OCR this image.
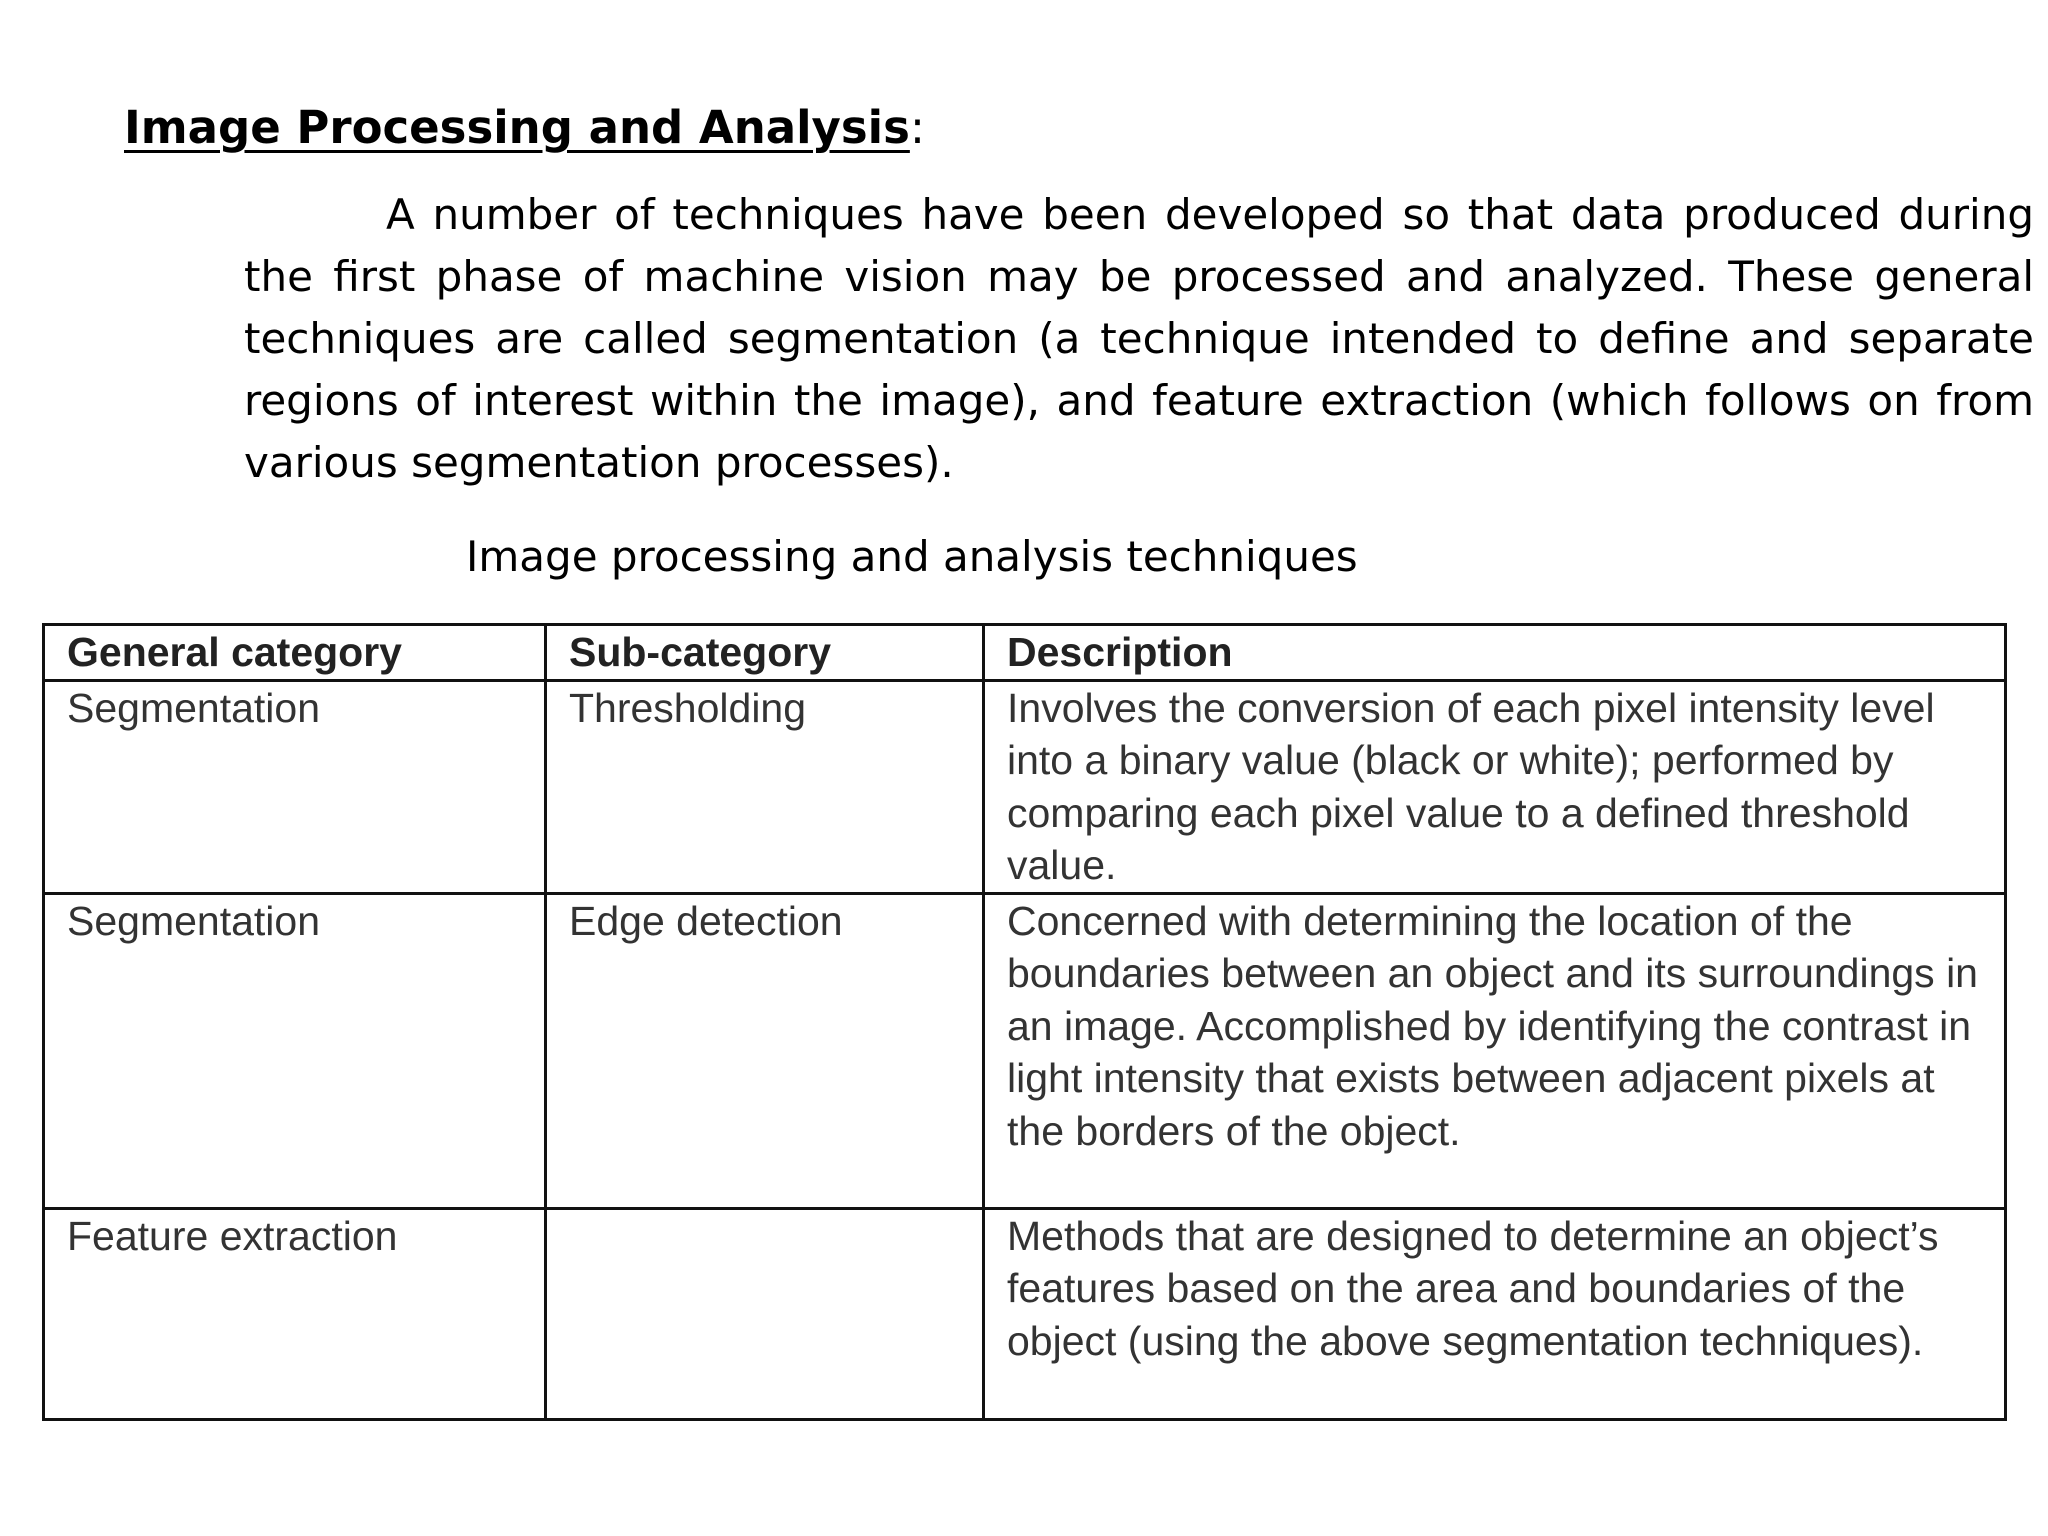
Image Processing and Analysis:

A number of techniques have been developed so that data produced during the first phase of machine vision may be processed and analyzed. These general techniques are called segmentation (a technique intended to define and separate regions of interest within the image), and feature extraction (which follows on from various segmentation processes).

Image processing and analysis techniques
General category	Sub-category	Description
Segmentation	Thresholding	Involves the conversion of each pixel intensity level into a binary value (black or white); performed by comparing each pixel value to a defined threshold value.
Segmentation	Edge detection	Concerned with determining the location of the boundaries between an object and its surroundings in an image. Accomplished by identifying the contrast in light intensity that exists between adjacent pixels at the borders of the object.
Feature extraction		Methods that are designed to determine an object’s features based on the area and boundaries of the object (using the above segmentation techniques).
